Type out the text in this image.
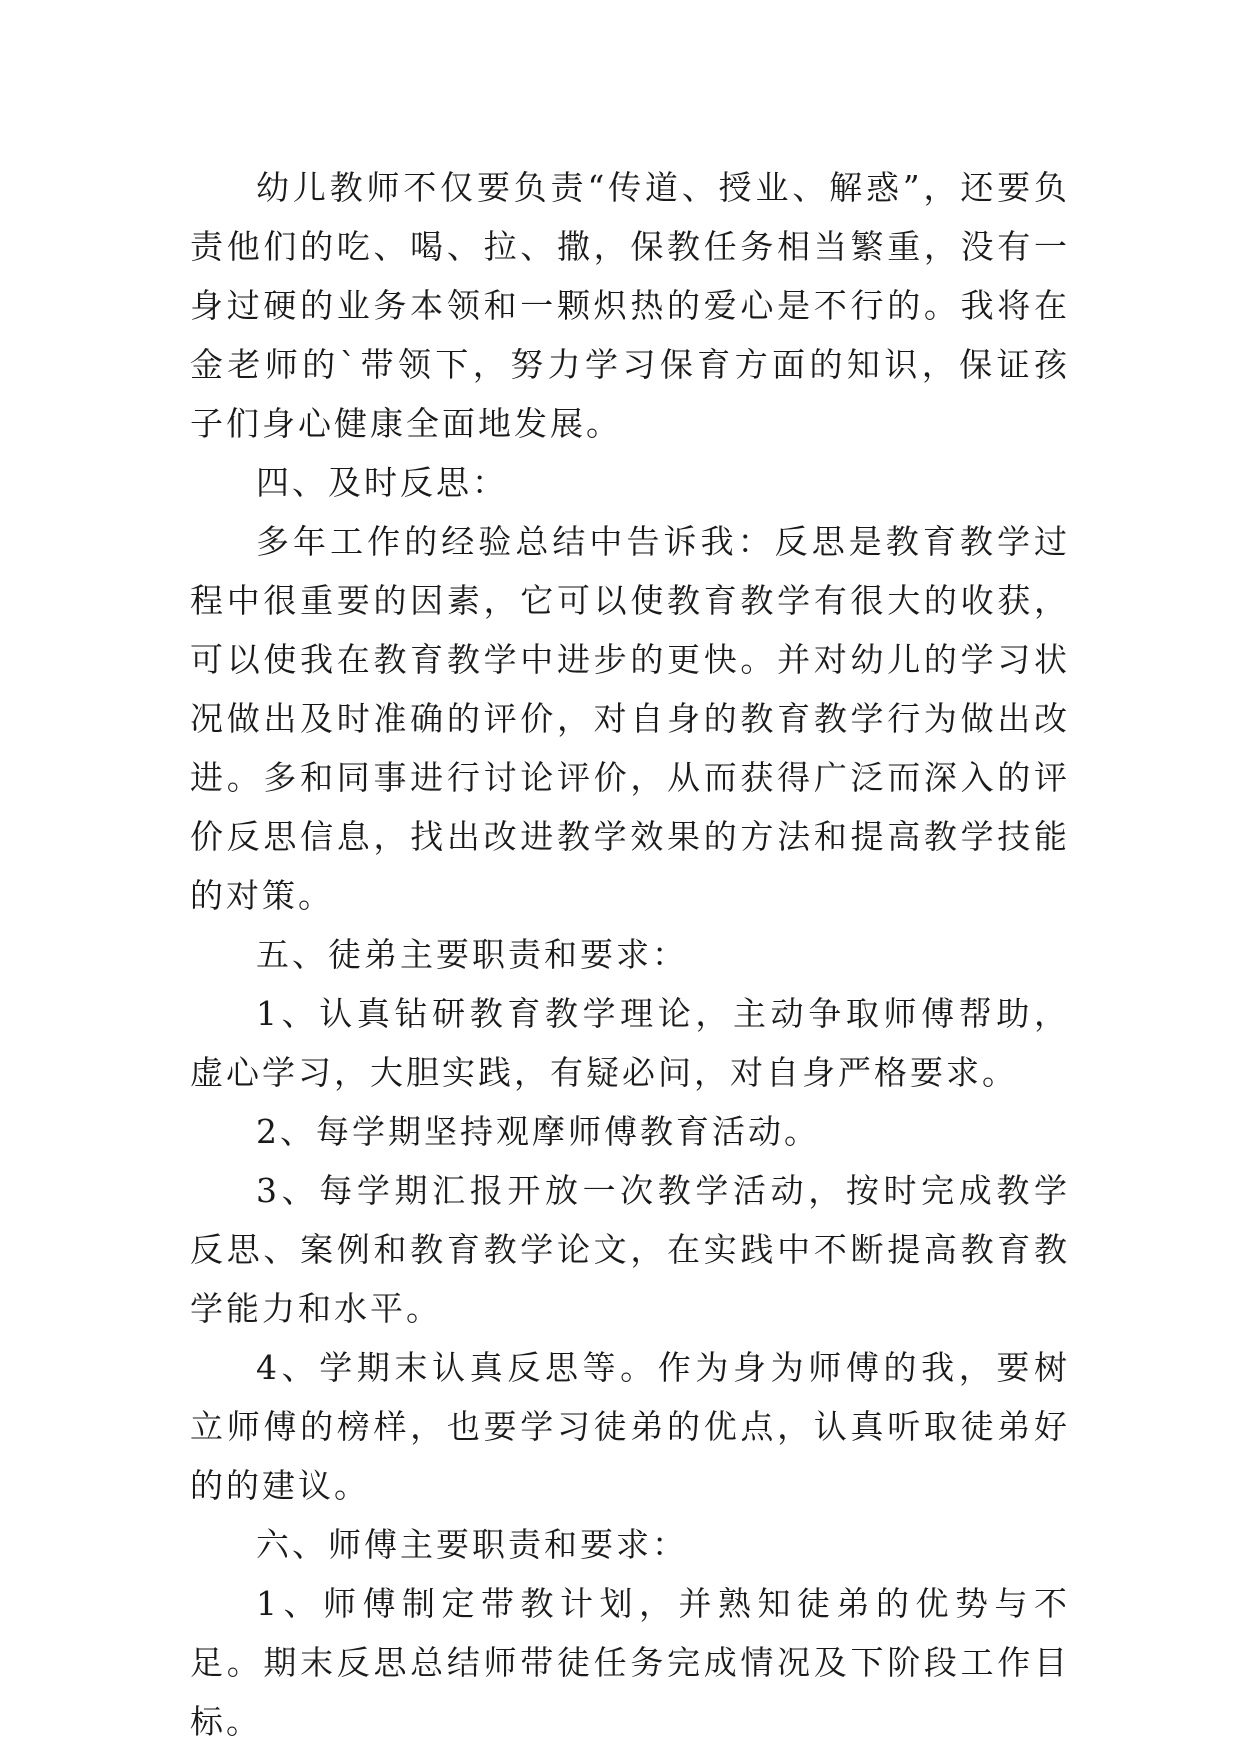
幼儿教师不仅要负责“传道、授业、解惑”，还要负责他们的吃、喝、拉、撒，保教任务相当繁重，没有一身过硬的业务本领和一颗炽热的爱心是不行的。我将在金老师的`带领下，努力学习保育方面的知识，保证孩子们身心健康全面地发展。

四、及时反思：

多年工作的经验总结中告诉我：反思是教育教学过程中很重要的因素，它可以使教育教学有很大的收获，可以使我在教育教学中进步的更快。并对幼儿的学习状况做出及时准确的评价，对自身的教育教学行为做出改进。多和同事进行讨论评价，从而获得广泛而深入的评价反思信息，找出改进教学效果的方法和提高教学技能的对策。

五、徒弟主要职责和要求：

1、认真钻研教育教学理论，主动争取师傅帮助，虚心学习，大胆实践，有疑必问，对自身严格要求。

2、每学期坚持观摩师傅教育活动。

3、每学期汇报开放一次教学活动，按时完成教学反思、案例和教育教学论文，在实践中不断提高教育教学能力和水平。

4、学期末认真反思等。作为身为师傅的我，要树立师傅的榜样，也要学习徒弟的优点，认真听取徒弟好的的建议。

六、师傅主要职责和要求：

1、师傅制定带教计划，并熟知徒弟的优势与不足。期末反思总结师带徒任务完成情况及下阶段工作目标。
